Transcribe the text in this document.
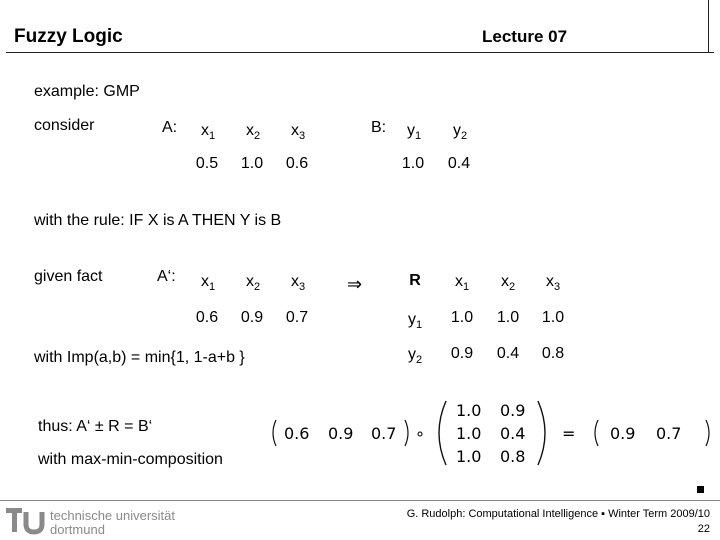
Fuzzy Logic	Lecture 07
example: GMP
consider	A:	$x_1$	$x_2$	$x_3$
0.5	1.0	0.6
B:	$y_1$	$y_2$
1.0	0.4
with the rule: IF X is A THEN Y is B
given fact	A‘:	$x_1$	$x_2$	$x_3$
0.6	0.9	0.7
⇒	R	$x_1$	$x_2$	$x_3$
$y_1$	1.0	1.0	1.0
$y_2$	0.9	0.4	0.8
with Imp(a,b) = min{1, 1-a+b }
thus: A‘ ± R = B‘
with max-min-composition
0.6 0.9 0.7 ∘
1.0 0.9
1.0 0.4
1.0 0.8
= 0.9 0.7
technische universität
dortmund
G. Rudolph: Computational Intelligence ▪ Winter Term 2009/10
22
